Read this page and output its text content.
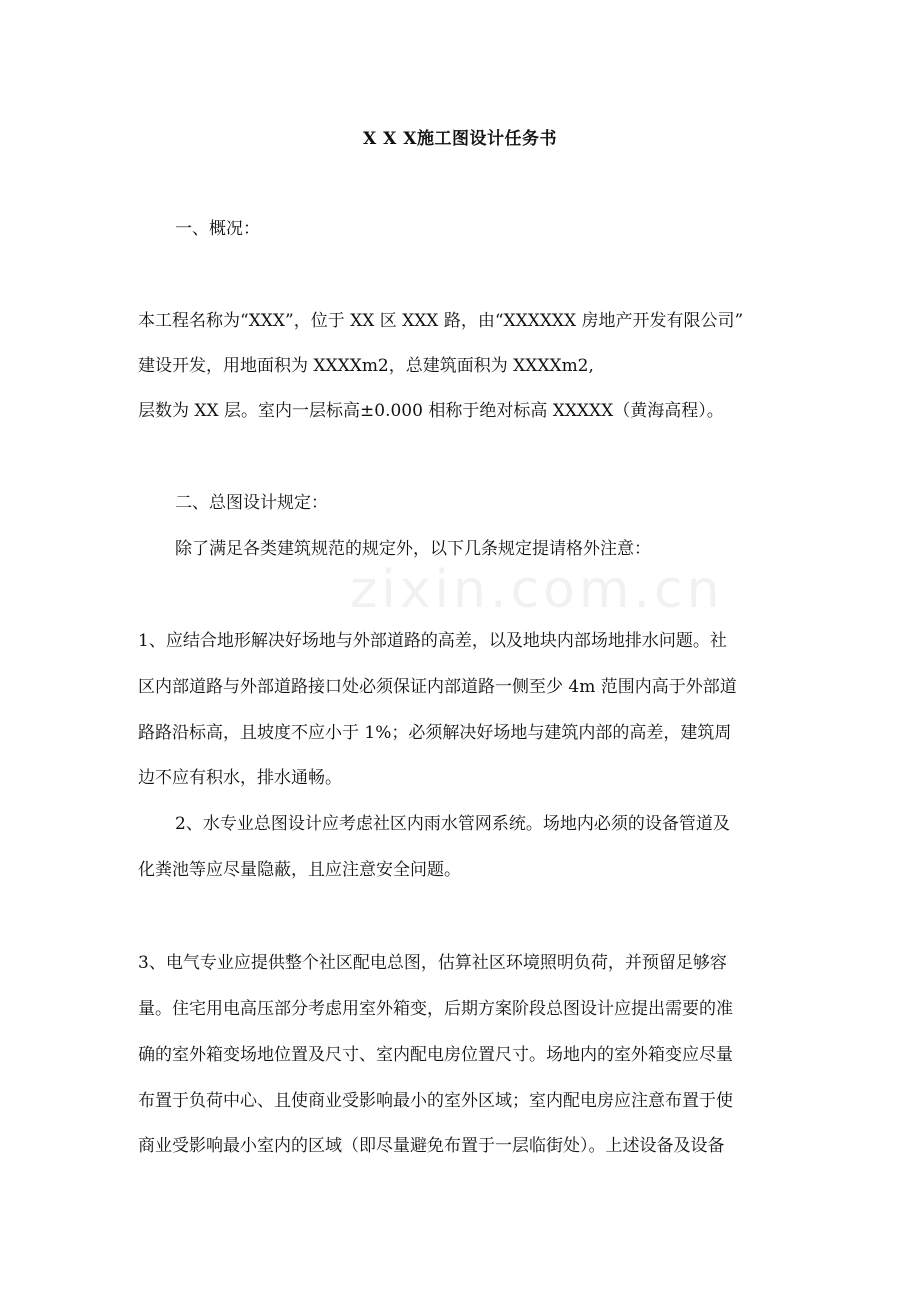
zixin.com.cn
X X X施工图设计任务书
一、概况：
本工程名称为“XXX”，位于 XX 区 XXX 路，由“XXXXXX 房地产开发有限公司”
建设开发，用地面积为 XXXXm2，总建筑面积为 XXXXm2,
层数为 XX 层。室内一层标高±0.000 相称于绝对标高 XXXXX（黄海高程）。
二、总图设计规定：
除了满足各类建筑规范的规定外，以下几条规定提请格外注意：
1、应结合地形解决好场地与外部道路的高差，以及地块内部场地排水问题。社
区内部道路与外部道路接口处必须保证内部道路一侧至少 4m 范围内高于外部道
路路沿标高，且坡度不应小于 1%；必须解决好场地与建筑内部的高差，建筑周
边不应有积水，排水通畅。
2、水专业总图设计应考虑社区内雨水管网系统。场地内必须的设备管道及
化粪池等应尽量隐蔽，且应注意安全问题。
3、电气专业应提供整个社区配电总图，估算社区环境照明负荷，并预留足够容
量。住宅用电高压部分考虑用室外箱变，后期方案阶段总图设计应提出需要的准
确的室外箱变场地位置及尺寸、室内配电房位置尺寸。场地内的室外箱变应尽量
布置于负荷中心、且使商业受影响最小的室外区域；室内配电房应注意布置于使
商业受影响最小室内的区域（即尽量避免布置于一层临街处）。上述设备及设备
